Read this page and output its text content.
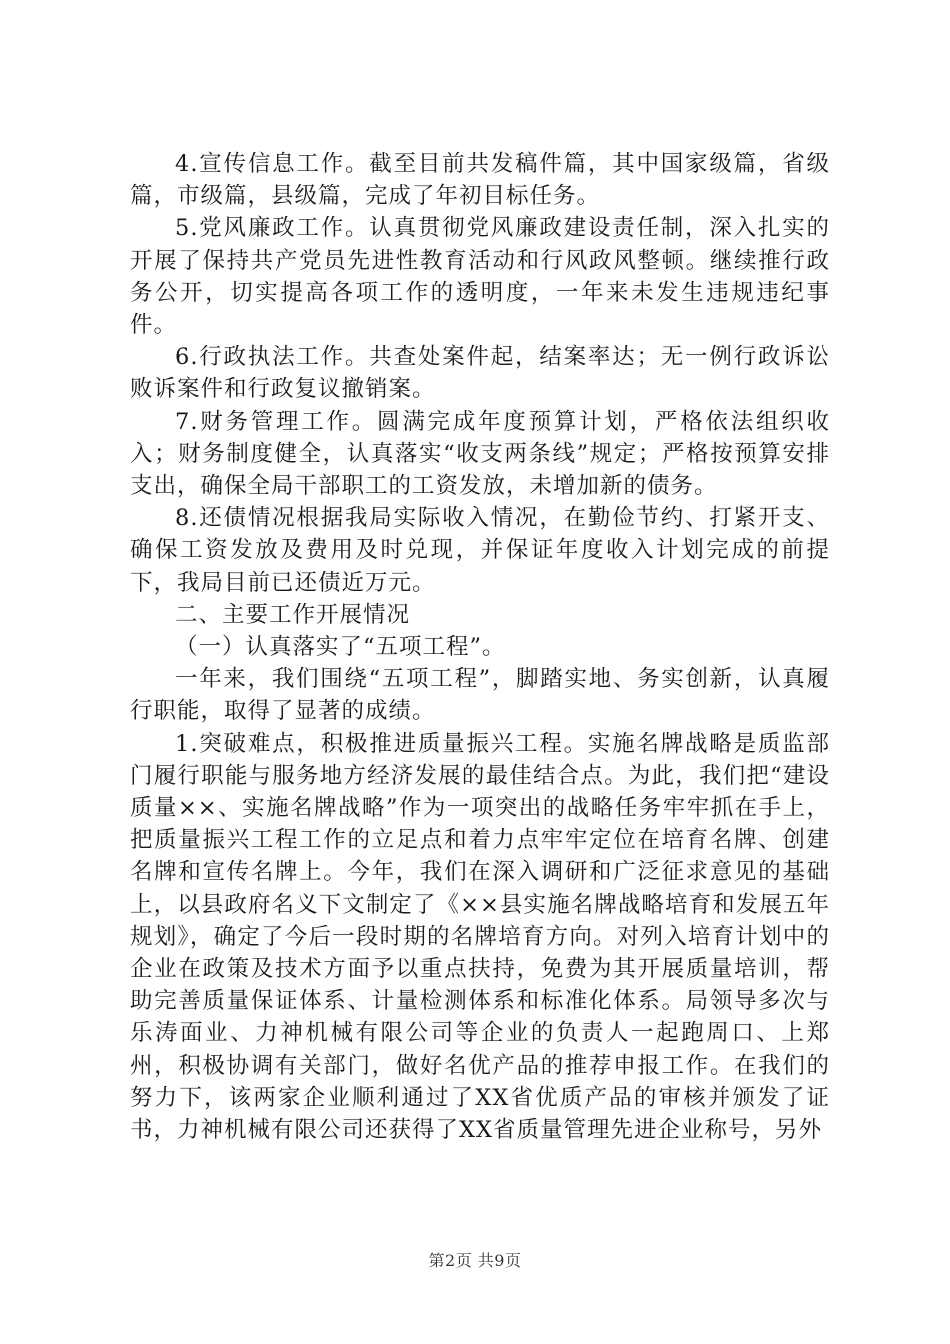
4.宣传信息工作。截至目前共发稿件篇，其中国家级篇，省级篇，市级篇，县级篇，完成了年初目标任务。

5.党风廉政工作。认真贯彻党风廉政建设责任制，深入扎实的开展了保持共产党员先进性教育活动和行风政风整顿。继续推行政务公开，切实提高各项工作的透明度，一年来未发生违规违纪事件。

6.行政执法工作。共查处案件起，结案率达；无一例行政诉讼败诉案件和行政复议撤销案。

7.财务管理工作。圆满完成年度预算计划，严格依法组织收入；财务制度健全，认真落实“收支两条线”规定；严格按预算安排支出，确保全局干部职工的工资发放，未增加新的债务。

8.还债情况根据我局实际收入情况，在勤俭节约、打紧开支、确保工资发放及费用及时兑现，并保证年度收入计划完成的前提下，我局目前已还债近万元。

二、主要工作开展情况

（一）认真落实了“五项工程”。

一年来，我们围绕“五项工程”，脚踏实地、务实创新，认真履行职能，取得了显著的成绩。

1.突破难点，积极推进质量振兴工程。实施名牌战略是质监部门履行职能与服务地方经济发展的最佳结合点。为此，我们把“建设质量××、实施名牌战略”作为一项突出的战略任务牢牢抓在手上，把质量振兴工程工作的立足点和着力点牢牢定位在培育名牌、创建名牌和宣传名牌上。今年，我们在深入调研和广泛征求意见的基础上，以县政府名义下文制定了《××县实施名牌战略培育和发展五年规划》，确定了今后一段时期的名牌培育方向。对列入培育计划中的企业在政策及技术方面予以重点扶持，免费为其开展质量培训，帮助完善质量保证体系、计量检测体系和标准化体系。局领导多次与乐涛面业、力神机械有限公司等企业的负责人一起跑周口、上郑州，积极协调有关部门，做好名优产品的推荐申报工作。在我们的努力下，该两家企业顺利通过了XX省优质产品的审核并颁发了证书，力神机械有限公司还获得了XX省质量管理先进企业称号，另外

第2页 共9页
